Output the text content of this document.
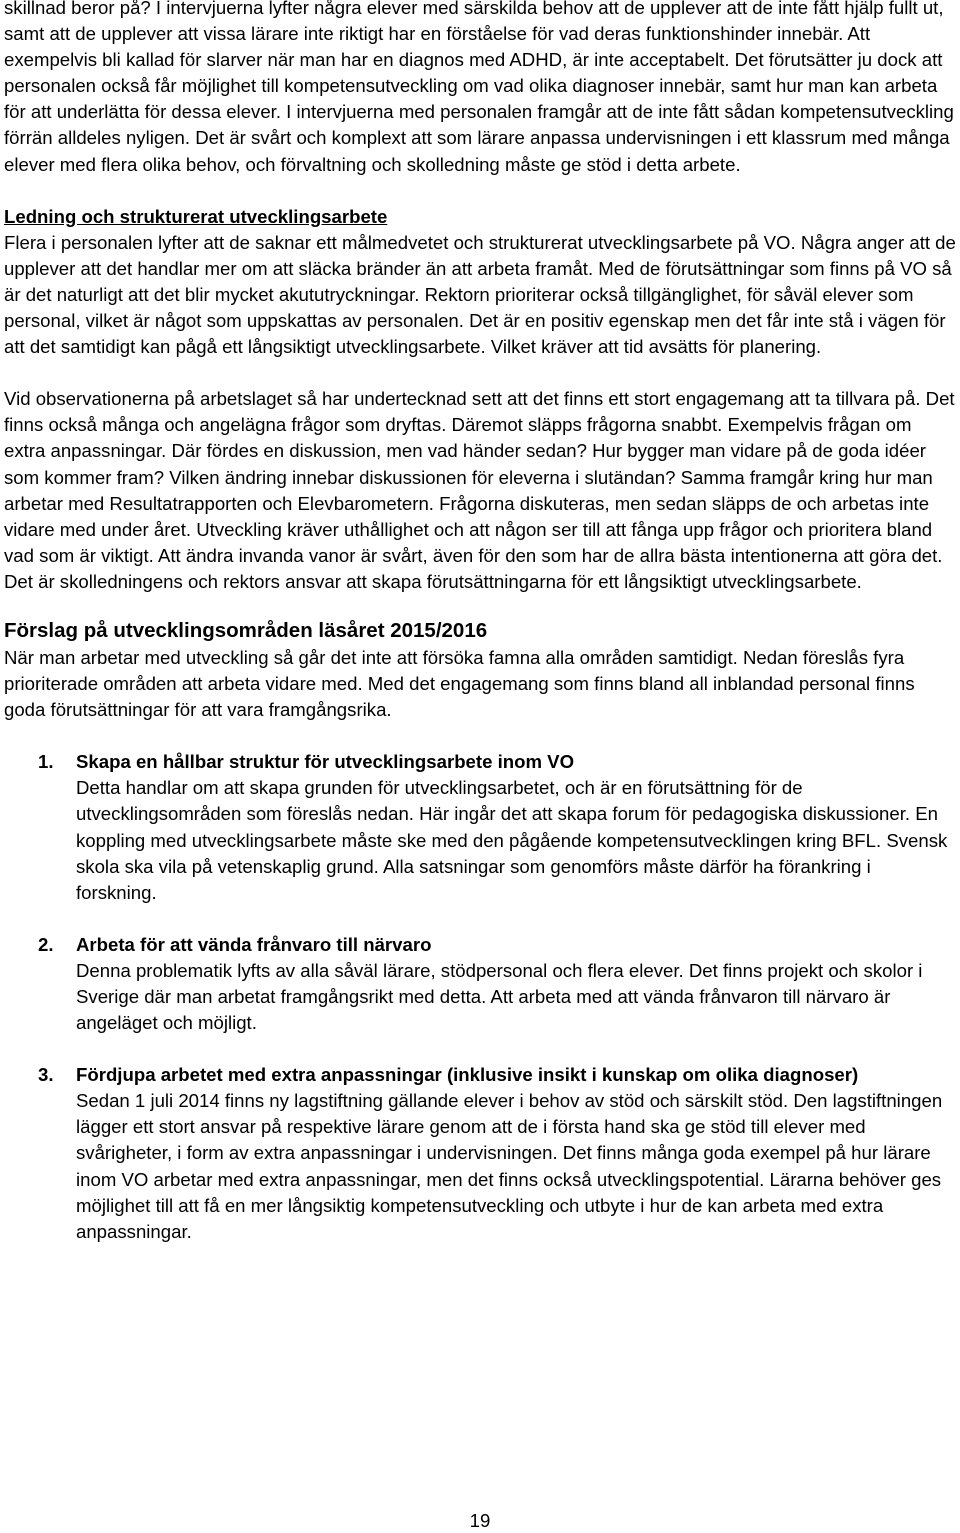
skillnad beror på? I intervjuerna lyfter några elever med särskilda behov att de upplever att de inte fått hjälp fullt ut, samt att de upplever att vissa lärare inte riktigt har en förståelse för vad deras funktionshinder innebär. Att exempelvis bli kallad för slarver när man har en diagnos med ADHD, är inte acceptabelt. Det förutsätter ju dock att personalen också får möjlighet till kompetensutveckling om vad olika diagnoser innebär, samt hur man kan arbeta för att underlätta för dessa elever. I intervjuerna med personalen framgår att de inte fått sådan kompetensutveckling förrän alldeles nyligen. Det är svårt och komplext att som lärare anpassa undervisningen i ett klassrum med många elever med flera olika behov, och förvaltning och skolledning måste ge stöd i detta arbete.

Ledning och strukturerat utvecklingsarbete
Flera i personalen lyfter att de saknar ett målmedvetet och strukturerat utvecklingsarbete på VO. Några anger att de upplever att det handlar mer om att släcka bränder än att arbeta framåt. Med de förutsättningar som finns på VO så är det naturligt att det blir mycket akututryckningar. Rektorn prioriterar också tillgänglighet, för såväl elever som personal, vilket är något som uppskattas av personalen. Det är en positiv egenskap men det får inte stå i vägen för att det samtidigt kan pågå ett långsiktigt utvecklingsarbete. Vilket kräver att tid avsätts för planering.

Vid observationerna på arbetslaget så har undertecknad sett att det finns ett stort engagemang att ta tillvara på. Det finns också många och angelägna frågor som dryftas. Däremot släpps frågorna snabbt. Exempelvis frågan om extra anpassningar. Där fördes en diskussion, men vad händer sedan? Hur bygger man vidare på de goda idéer som kommer fram? Vilken ändring innebar diskussionen för eleverna i slutändan? Samma framgår kring hur man arbetar med Resultatrapporten och Elevbarometern. Frågorna diskuteras, men sedan släpps de och arbetas inte vidare med under året. Utveckling kräver uthållighet och att någon ser till att fånga upp frågor och prioritera bland vad som är viktigt. Att ändra invanda vanor är svårt, även för den som har de allra bästa intentionerna att göra det. Det är skolledningens och rektors ansvar att skapa förutsättningarna för ett långsiktigt utvecklingsarbete.

Förslag på utvecklingsområden läsåret 2015/2016

När man arbetar med utveckling så går det inte att försöka famna alla områden samtidigt. Nedan föreslås fyra prioriterade områden att arbeta vidare med. Med det engagemang som finns bland all inblandad personal finns goda förutsättningar för att vara framgångsrika.

1. Skapa en hållbar struktur för utvecklingsarbete inom VO
Detta handlar om att skapa grunden för utvecklingsarbetet, och är en förutsättning för de utvecklingsområden som föreslås nedan. Här ingår det att skapa forum för pedagogiska diskussioner. En koppling med utvecklingsarbete måste ske med den pågående kompetensutvecklingen kring BFL. Svensk skola ska vila på vetenskaplig grund. Alla satsningar som genomförs måste därför ha förankring i forskning.
2. Arbeta för att vända frånvaro till närvaro
Denna problematik lyfts av alla såväl lärare, stödpersonal och flera elever. Det finns projekt och skolor i Sverige där man arbetat framgångsrikt med detta. Att arbeta med att vända frånvaron till närvaro är angeläget och möjligt.
3. Fördjupa arbetet med extra anpassningar (inklusive insikt i kunskap om olika diagnoser)
Sedan 1 juli 2014 finns ny lagstiftning gällande elever i behov av stöd och särskilt stöd. Den lagstiftningen lägger ett stort ansvar på respektive lärare genom att de i första hand ska ge stöd till elever med svårigheter, i form av extra anpassningar i undervisningen. Det finns många goda exempel på hur lärare inom VO arbetar med extra anpassningar, men det finns också utvecklingspotential. Lärarna behöver ges möjlighet till att få en mer långsiktig kompetensutveckling och utbyte i hur de kan arbeta med extra anpassningar.
19
